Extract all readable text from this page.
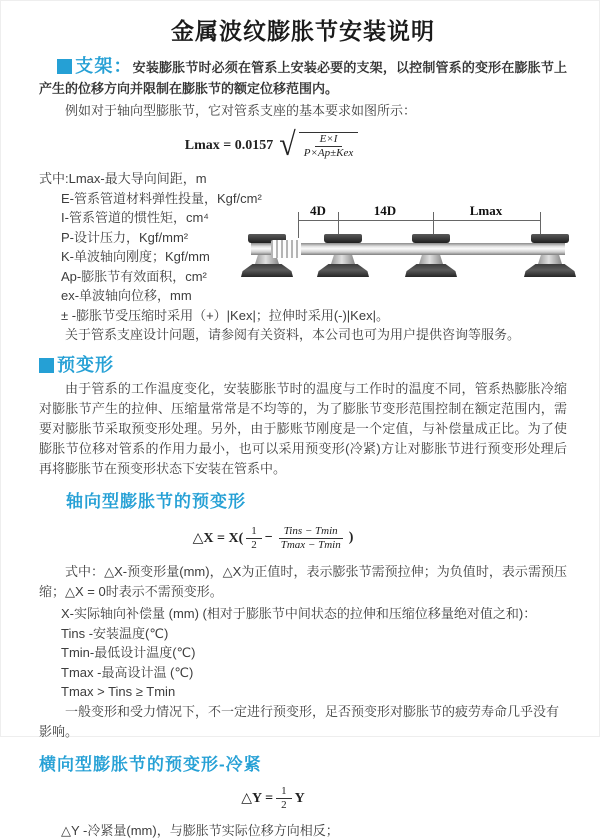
金属波纹膨胀节安装说明
支架：安装膨胀节时必须在管系上安装必要的支架，以控制管系的变形在膨胀节上产生的位移方向并限制在膨胀节的额定位移范围内。
例如对于轴向型膨胀节，它对管系支座的基本要求如图所示：
Lmax = 0.0157 √ $\frac{E\times I}{\text{P×Ap±Kex}}$
式中:Lmax-最大导向间距，m
E-管系管道材料弹性投量，Kgf/cm²
I-管系管道的惯性矩，cm⁴
P-设计压力，Kgf/mm²
K-单波轴向刚度；Kgf/mm
Ap-膨胀节有效面积，cm²
ex-单波轴向位移，mm
± -膨胀节受压缩时采用（+）|Kex|；拉伸时采用(-)|Kex|。
4D	14D	Lmax
关于管系支座设计问题，请参阅有关资料，本公司也可为用户提供咨询等服务。
预变形
由于管系的工作温度变化，安装膨胀节时的温度与工作时的温度不同，管系热膨胀冷缩对膨胀节产生的拉伸、压缩量常常是不均等的，为了膨胀节变形范围控制在额定范围内，需要对膨胀节采取预变形处理。另外，由于膨账节刚度是一个定值，与补偿量成正比。为了使膨胀节位移对管系的作用力最小，也可以采用预变形(冷紧)方让对膨胀节进行预变形处理后再将膨胀节在预变形状态下安装在管系中。
轴向型膨胀节的预变形
△X = $X( \frac{1}{2} - \frac{\text{Tins − Tmin}}{Tmax - Tmin}$ )
式中：△X-预变形量(mm)，△X为正值时，表示膨张节需预拉伸；为负值时，表示需预压缩；△X = 0时表示不需预变形。
X-实际轴向补偿量 (mm) (相对于膨胀节中间状态的拉伸和压缩位移量绝对值之和)：
Tins -安装温度(℃)
Tmin-最低设计温度(℃)
Tmax -最高设计温 (℃)
Tmax > Tins ≥ Tmin
一般变形和受力情况下，不一定进行预变形，足否预变形对膨胀节的疲劳寿命几乎没有影响。
横向型膨胀节的预变形-冷紧
△Y = $\frac{1}{2}$ Y
△Y -冷紧量(mm)，与膨胀节实际位移方向相反；
